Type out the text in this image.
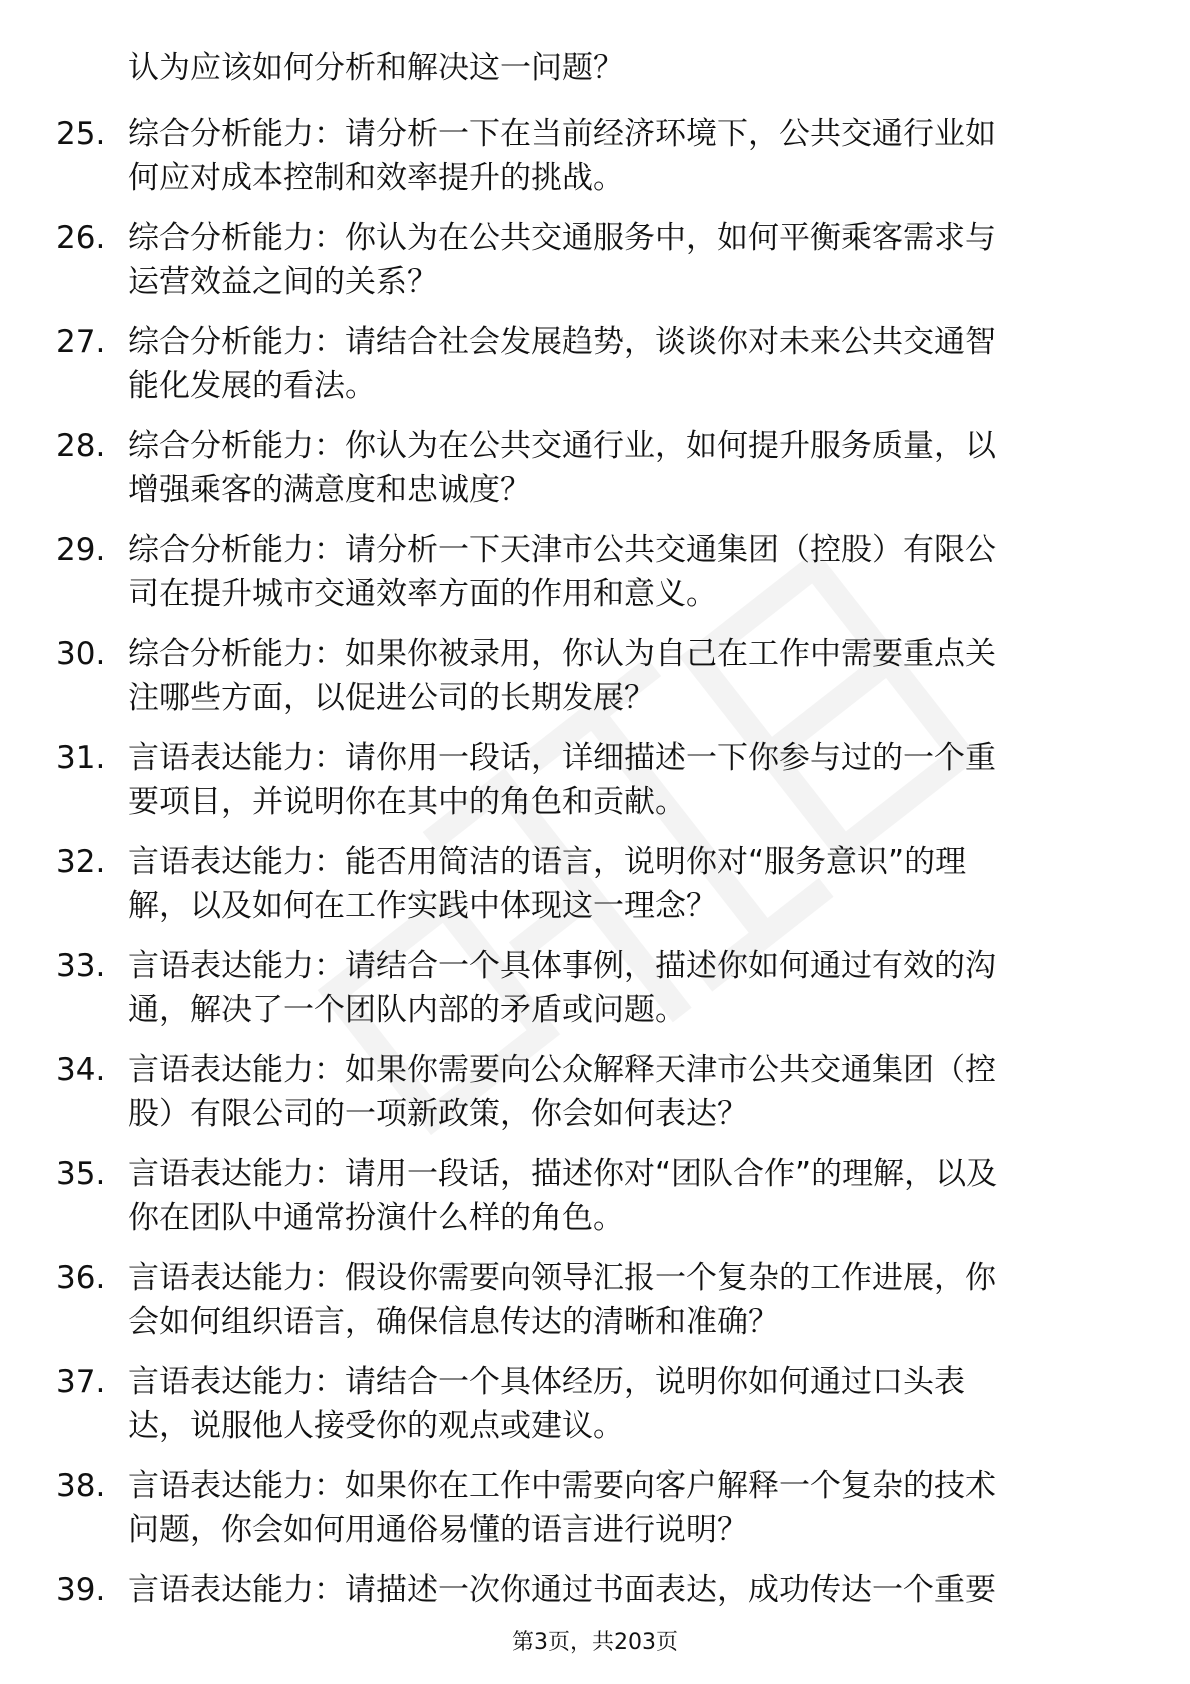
认为应该如何分析和解决这一问题？
25. 综合分析能力：请分析一下在当前经济环境下，公共交通行业如
何应对成本控制和效率提升的挑战。
26. 综合分析能力：你认为在公共交通服务中，如何平衡乘客需求与
运营效益之间的关系？
27. 综合分析能力：请结合社会发展趋势，谈谈你对未来公共交通智
能化发展的看法。
28. 综合分析能力：你认为在公共交通行业，如何提升服务质量，以
增强乘客的满意度和忠诚度？
29. 综合分析能力：请分析一下天津市公共交通集团（控股）有限公
司在提升城市交通效率方面的作用和意义。
30. 综合分析能力：如果你被录用，你认为自己在工作中需要重点关
注哪些方面，以促进公司的长期发展？
31. 言语表达能力：请你用一段话，详细描述一下你参与过的一个重
要项目，并说明你在其中的角色和贡献。
32. 言语表达能力：能否用简洁的语言，说明你对“服务意识”的理
解，以及如何在工作实践中体现这一理念？
33. 言语表达能力：请结合一个具体事例，描述你如何通过有效的沟
通，解决了一个团队内部的矛盾或问题。
34. 言语表达能力：如果你需要向公众解释天津市公共交通集团（控
股）有限公司的一项新政策，你会如何表达？
35. 言语表达能力：请用一段话，描述你对“团队合作”的理解，以及
你在团队中通常扮演什么样的角色。
36. 言语表达能力：假设你需要向领导汇报一个复杂的工作进展，你
会如何组织语言，确保信息传达的清晰和准确？
37. 言语表达能力：请结合一个具体经历，说明你如何通过口头表
达，说服他人接受你的观点或建议。
38. 言语表达能力：如果你在工作中需要向客户解释一个复杂的技术
问题，你会如何用通俗易懂的语言进行说明？
39. 言语表达能力：请描述一次你通过书面表达，成功传达一个重要
第3页，共203页
